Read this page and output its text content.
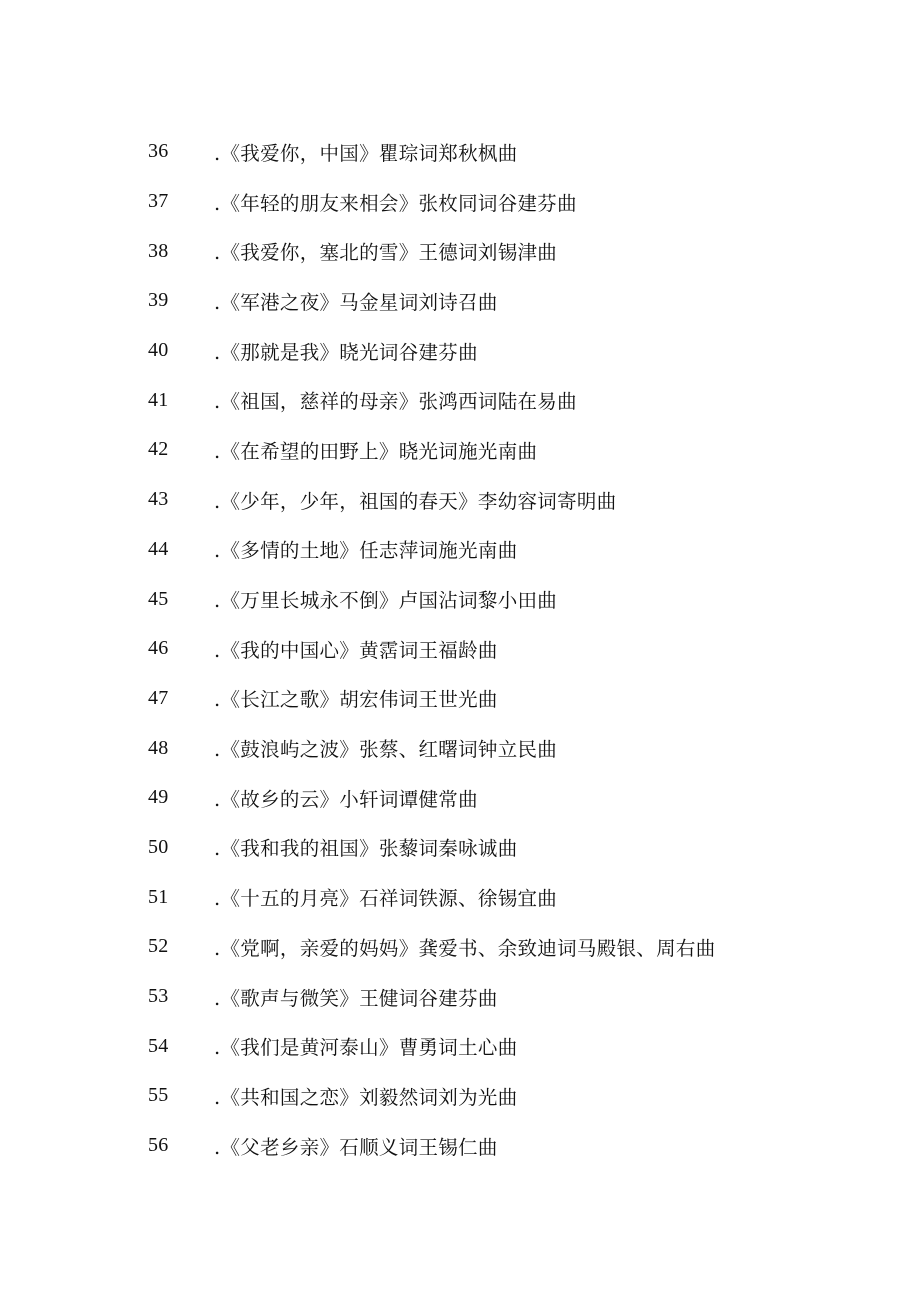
36	.《我爱你，中国》瞿琮词郑秋枫曲
37	.《年轻的朋友来相会》张枚同词谷建芬曲
38	.《我爱你，塞北的雪》王德词刘锡津曲
39	.《军港之夜》马金星词刘诗召曲
40	.《那就是我》晓光词谷建芬曲
41	.《祖国，慈祥的母亲》张鸿西词陆在易曲
42	.《在希望的田野上》晓光词施光南曲
43	.《少年，少年，祖国的春天》李幼容词寄明曲
44	.《多情的土地》任志萍词施光南曲
45	.《万里长城永不倒》卢国沾词黎小田曲
46	.《我的中国心》黄霑词王福龄曲
47	.《长江之歌》胡宏伟词王世光曲
48	.《鼓浪屿之波》张蔡、红曙词钟立民曲
49	.《故乡的云》小轩词谭健常曲
50	.《我和我的祖国》张藜词秦咏诚曲
51	.《十五的月亮》石祥词铁源、徐锡宜曲
52	.《党啊，亲爱的妈妈》龚爱书、余致迪词马殿银、周右曲
53	.《歌声与微笑》王健词谷建芬曲
54	.《我们是黄河泰山》曹勇词土心曲
55	.《共和国之恋》刘毅然词刘为光曲
56	.《父老乡亲》石顺义词王锡仁曲
